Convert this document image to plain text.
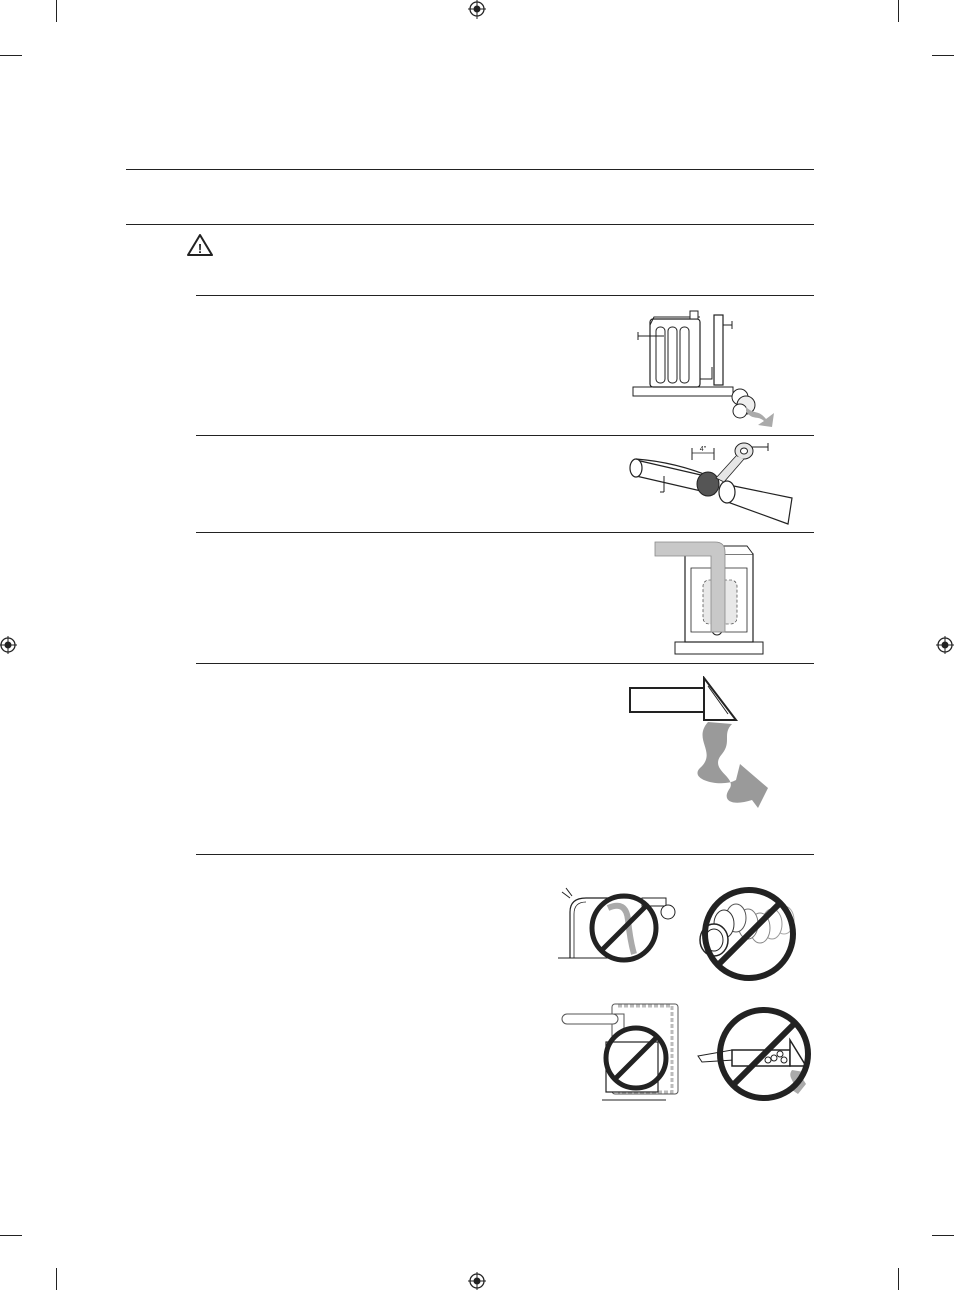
!
4"
